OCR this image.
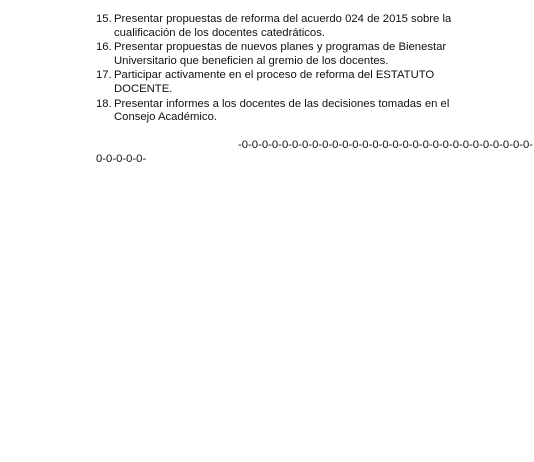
15. Presentar propuestas de reforma del acuerdo 024 de 2015 sobre la
cualificación de los docentes catedráticos.
16. Presentar propuestas de nuevos planes y programas de Bienestar
Universitario que beneficien al gremio de los docentes.
17. Participar activamente en el proceso de reforma del ESTATUTO
DOCENTE.
18. Presentar informes a los docentes de las decisiones tomadas en el
Consejo Académico.
-0-0-0-0-0-0-0-0-0-0-0-0-0-0-0-0-0-0-0-0-0-0-0-0-0-0-0-0-0-
0-0-0-0-0-
